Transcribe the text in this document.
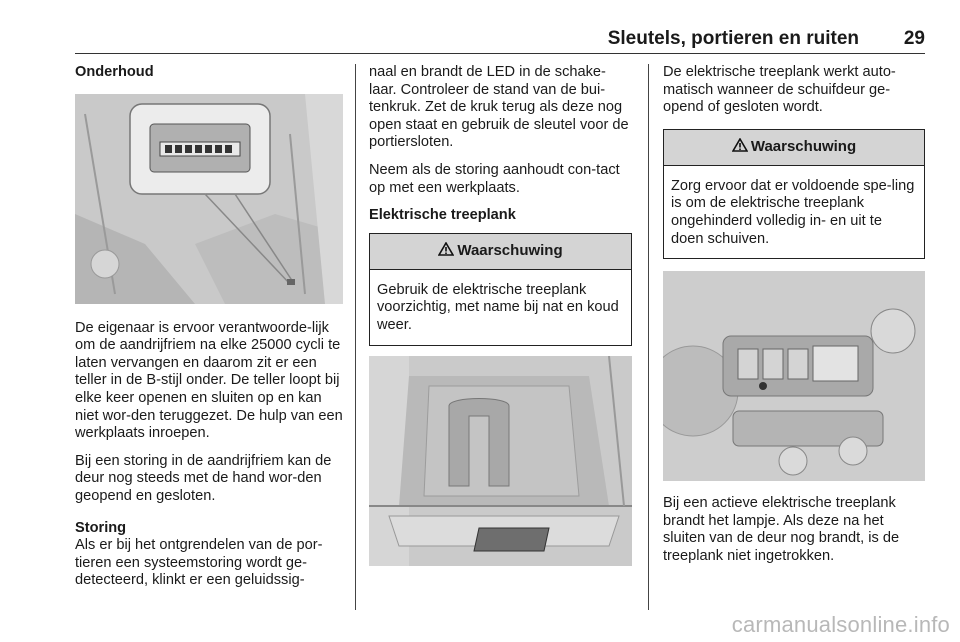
Sleutels, portieren en ruiten 29
Onderhoud

De eigenaar is ervoor verantwoorde-lijk om de aandrijfriem na elke 25000 cycli te laten vervangen en daarom zit er een teller in de B-stijl onder. De teller loopt bij elke keer openen en sluiten op en kan niet wor-den teruggezet. De hulp van een werkplaats inroepen.

Bij een storing in de aandrijfriem kan de deur nog steeds met de hand wor-den geopend en gesloten.

Storing

Als er bij het ontgrendelen van de por-tieren een systeemstoring wordt ge-detecteerd, klinkt er een geluidssig-

naal en brandt de LED in de schake-laar. Controleer de stand van de bui-tenkruk. Zet de kruk terug als deze nog open staat en gebruik de sleutel voor de portiersloten.

Neem als de storing aanhoudt con-tact op met een werkplaats.

Elektrische treeplank
Waarschuwing
Gebruik de elektrische treeplank voorzichtig, met name bij nat en koud weer.

De elektrische treeplank werkt auto-matisch wanneer de schuifdeur ge-opend of gesloten wordt.

Waarschuwing
Zorg ervoor dat er voldoende spe-ling is om de elektrische treeplank ongehinderd volledig in- en uit te doen schuiven.

Bij een actieve elektrische treeplank brandt het lampje. Als deze na het sluiten van de deur nog brandt, is de treeplank niet ingetrokken.

carmanualsonline.info
